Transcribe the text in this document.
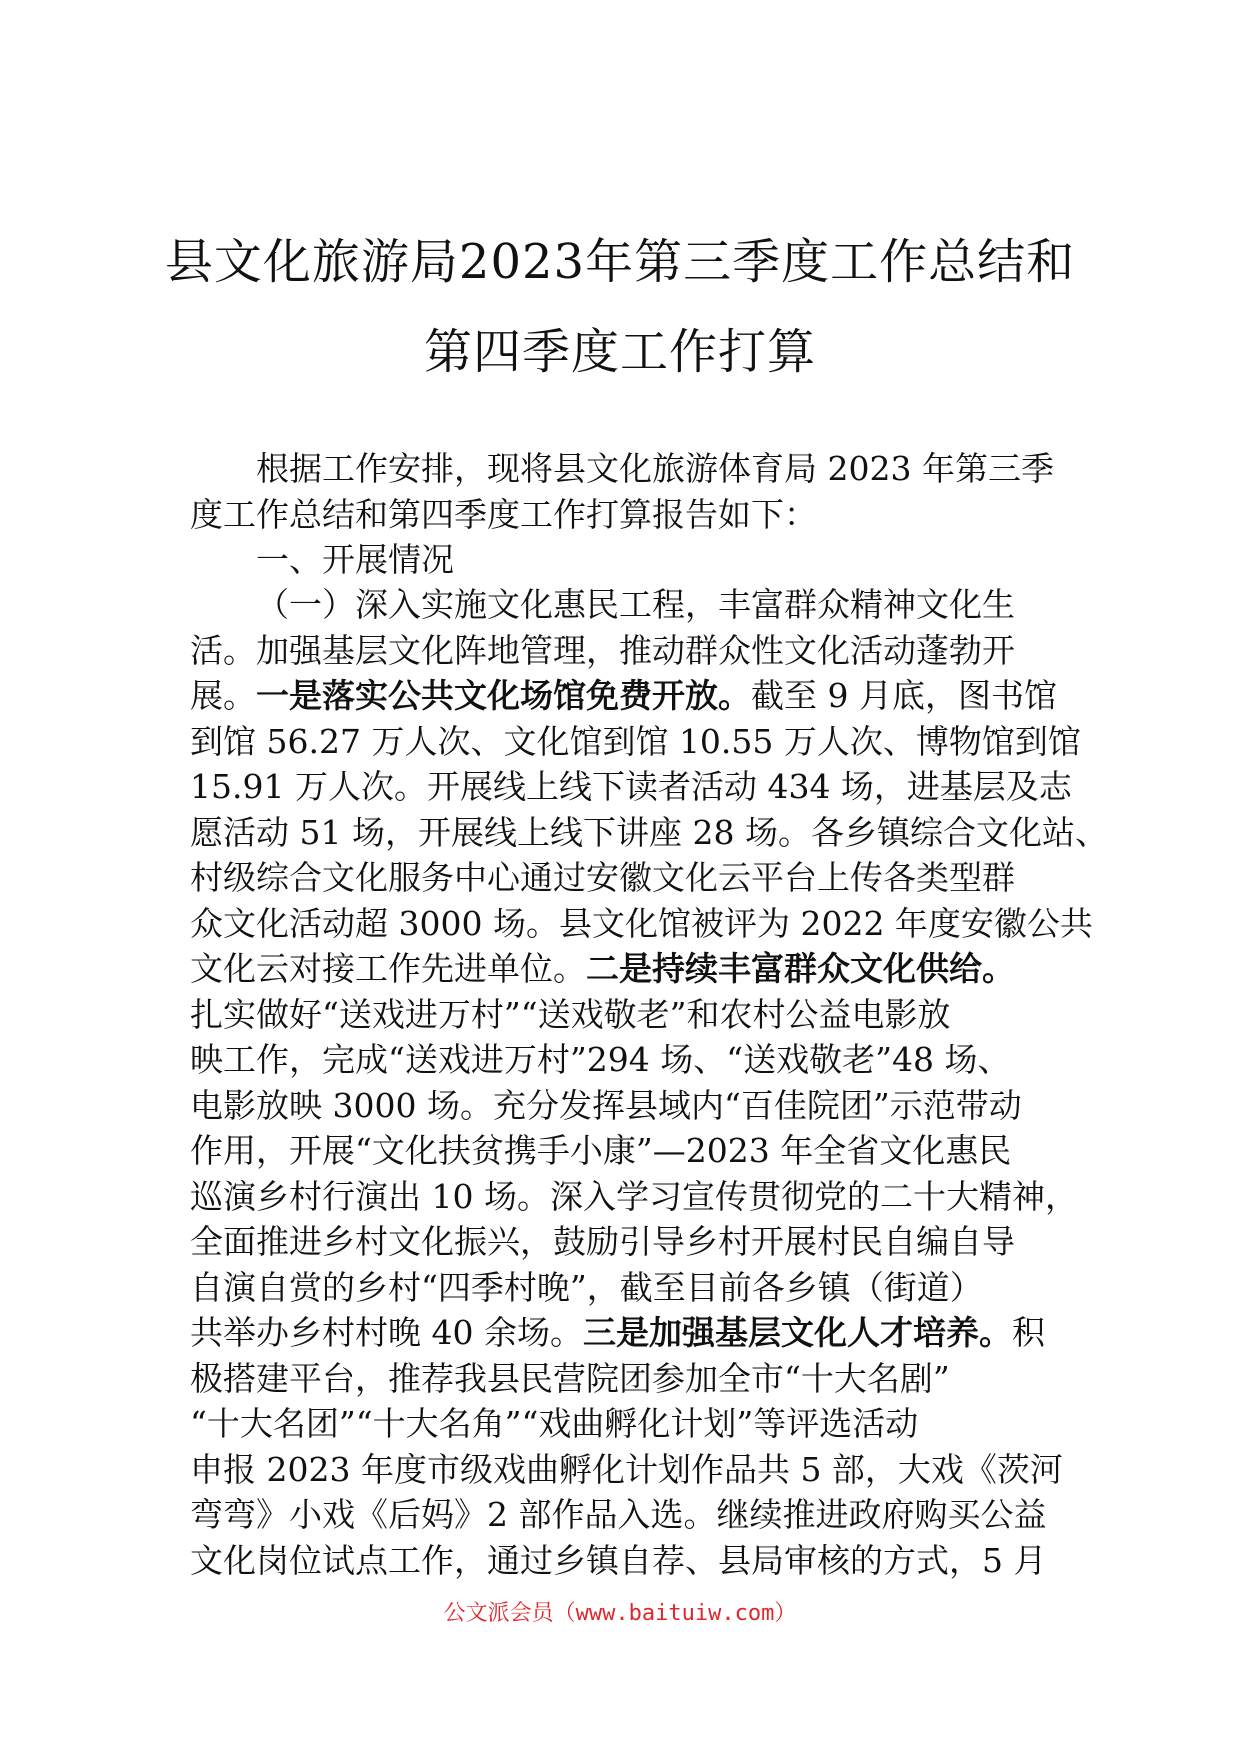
县文化旅游局2023年第三季度工作总结和
第四季度工作打算
根据工作安排，现将县文化旅游体育局 2023 年第三季
度工作总结和第四季度工作打算报告如下：
一、开展情况
（一）深入实施文化惠民工程，丰富群众精神文化生
活。加强基层文化阵地管理，推动群众性文化活动蓬勃开
展。一是落实公共文化场馆免费开放。截至 9 月底，图书馆
到馆 56.27 万人次、文化馆到馆 10.55 万人次、博物馆到馆
15.91 万人次。开展线上线下读者活动 434 场，进基层及志
愿活动 51 场，开展线上线下讲座 28 场。各乡镇综合文化站、
村级综合文化服务中心通过安徽文化云平台上传各类型群
众文化活动超 3000 场。县文化馆被评为 2022 年度安徽公共
文化云对接工作先进单位。二是持续丰富群众文化供给。
扎实做好“送戏进万村”“送戏敬老”和农村公益电影放
映工作，完成“送戏进万村”294 场、“送戏敬老”48 场、
电影放映 3000 场。充分发挥县域内“百佳院团”示范带动
作用，开展“文化扶贫携手小康”—2023 年全省文化惠民
巡演乡村行演出 10 场。深入学习宣传贯彻党的二十大精神，
全面推进乡村文化振兴，鼓励引导乡村开展村民自编自导
自演自赏的乡村“四季村晚”，截至目前各乡镇（街道）
共举办乡村村晚 40 余场。三是加强基层文化人才培养。积
极搭建平台，推荐我县民营院团参加全市“十大名剧”
“十大名团”“十大名角”“戏曲孵化计划”等评选活动
申报 2023 年度市级戏曲孵化计划作品共 5 部，大戏《茨河
弯弯》小戏《后妈》2 部作品入选。继续推进政府购买公益
文化岗位试点工作，通过乡镇自荐、县局审核的方式，5 月
公文派会员（www.baituiw.com）
